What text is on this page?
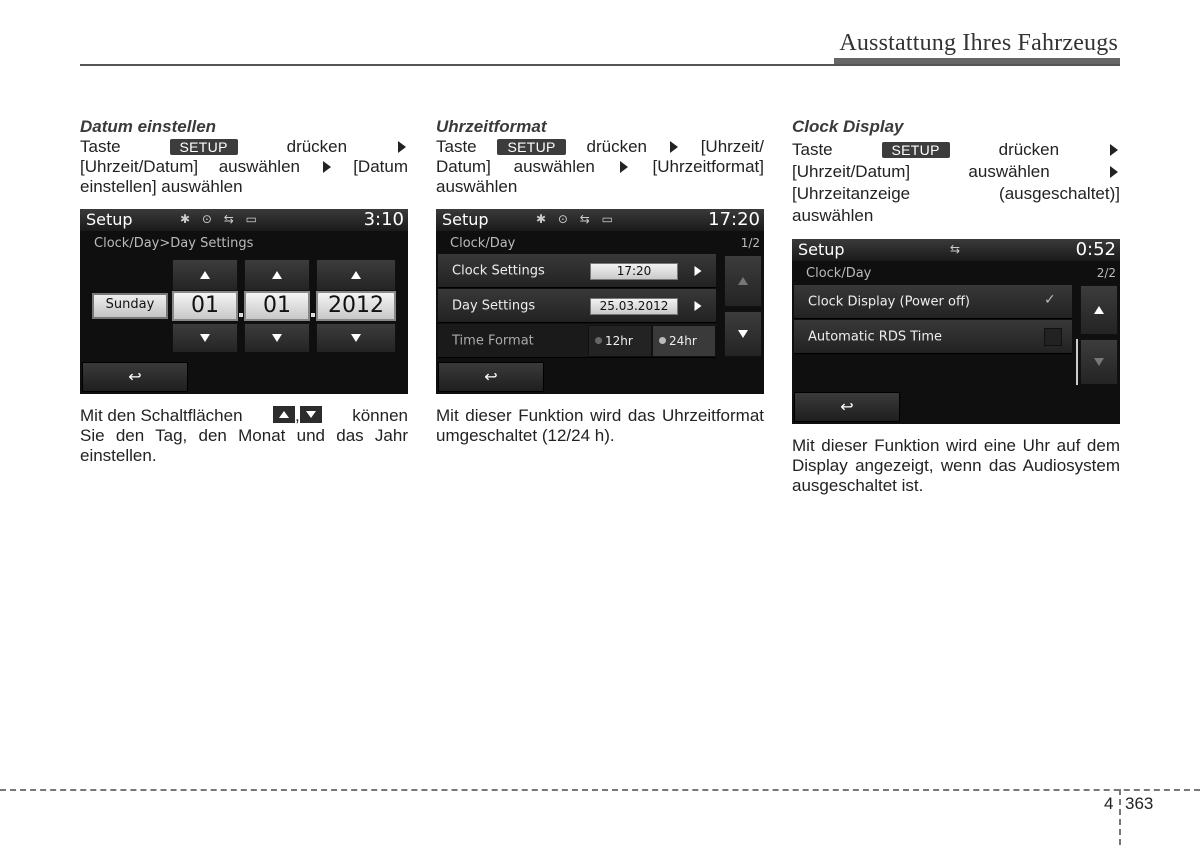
Ausstattung Ihres Fahrzeugs
Datum einstellen
Taste	SETUP	drücken
[Uhrzeit/Datum] auswählen	[Datum
einstellen] auswählen
Setup	✱ ⊙ ⇆ ▭	3:10
Clock/Day>Day Settings
Sunday	01	01	2012
↩
Mit den Schaltflächen	,	können
Sie den Tag, den Monat und das Jahr einstellen.
Uhrzeitformat
Taste	SETUP	drücken	[Uhrzeit/
Datum] auswählen	[Uhrzeitformat]
auswählen
Setup	✱ ⊙ ⇆ ▭	17:20
Clock/Day	1/2
Clock Settings	17:20
Day Settings	25.03.2012
Time Format	12hr	24hr
↩
Mit dieser Funktion wird das Uhrzeitformat umgeschaltet (12/24 h).
Clock Display
Taste	SETUP	drücken
[Uhrzeit/Datum]	auswählen
[Uhrzeitanzeige	(ausgeschaltet)]
auswählen
Setup	⇆	0:52
Clock/Day	2/2
Clock Display (Power off)	✓
Automatic RDS Time
↩
Mit dieser Funktion wird eine Uhr auf dem Display angezeigt, wenn das Audiosystem ausgeschaltet ist.
4 363
